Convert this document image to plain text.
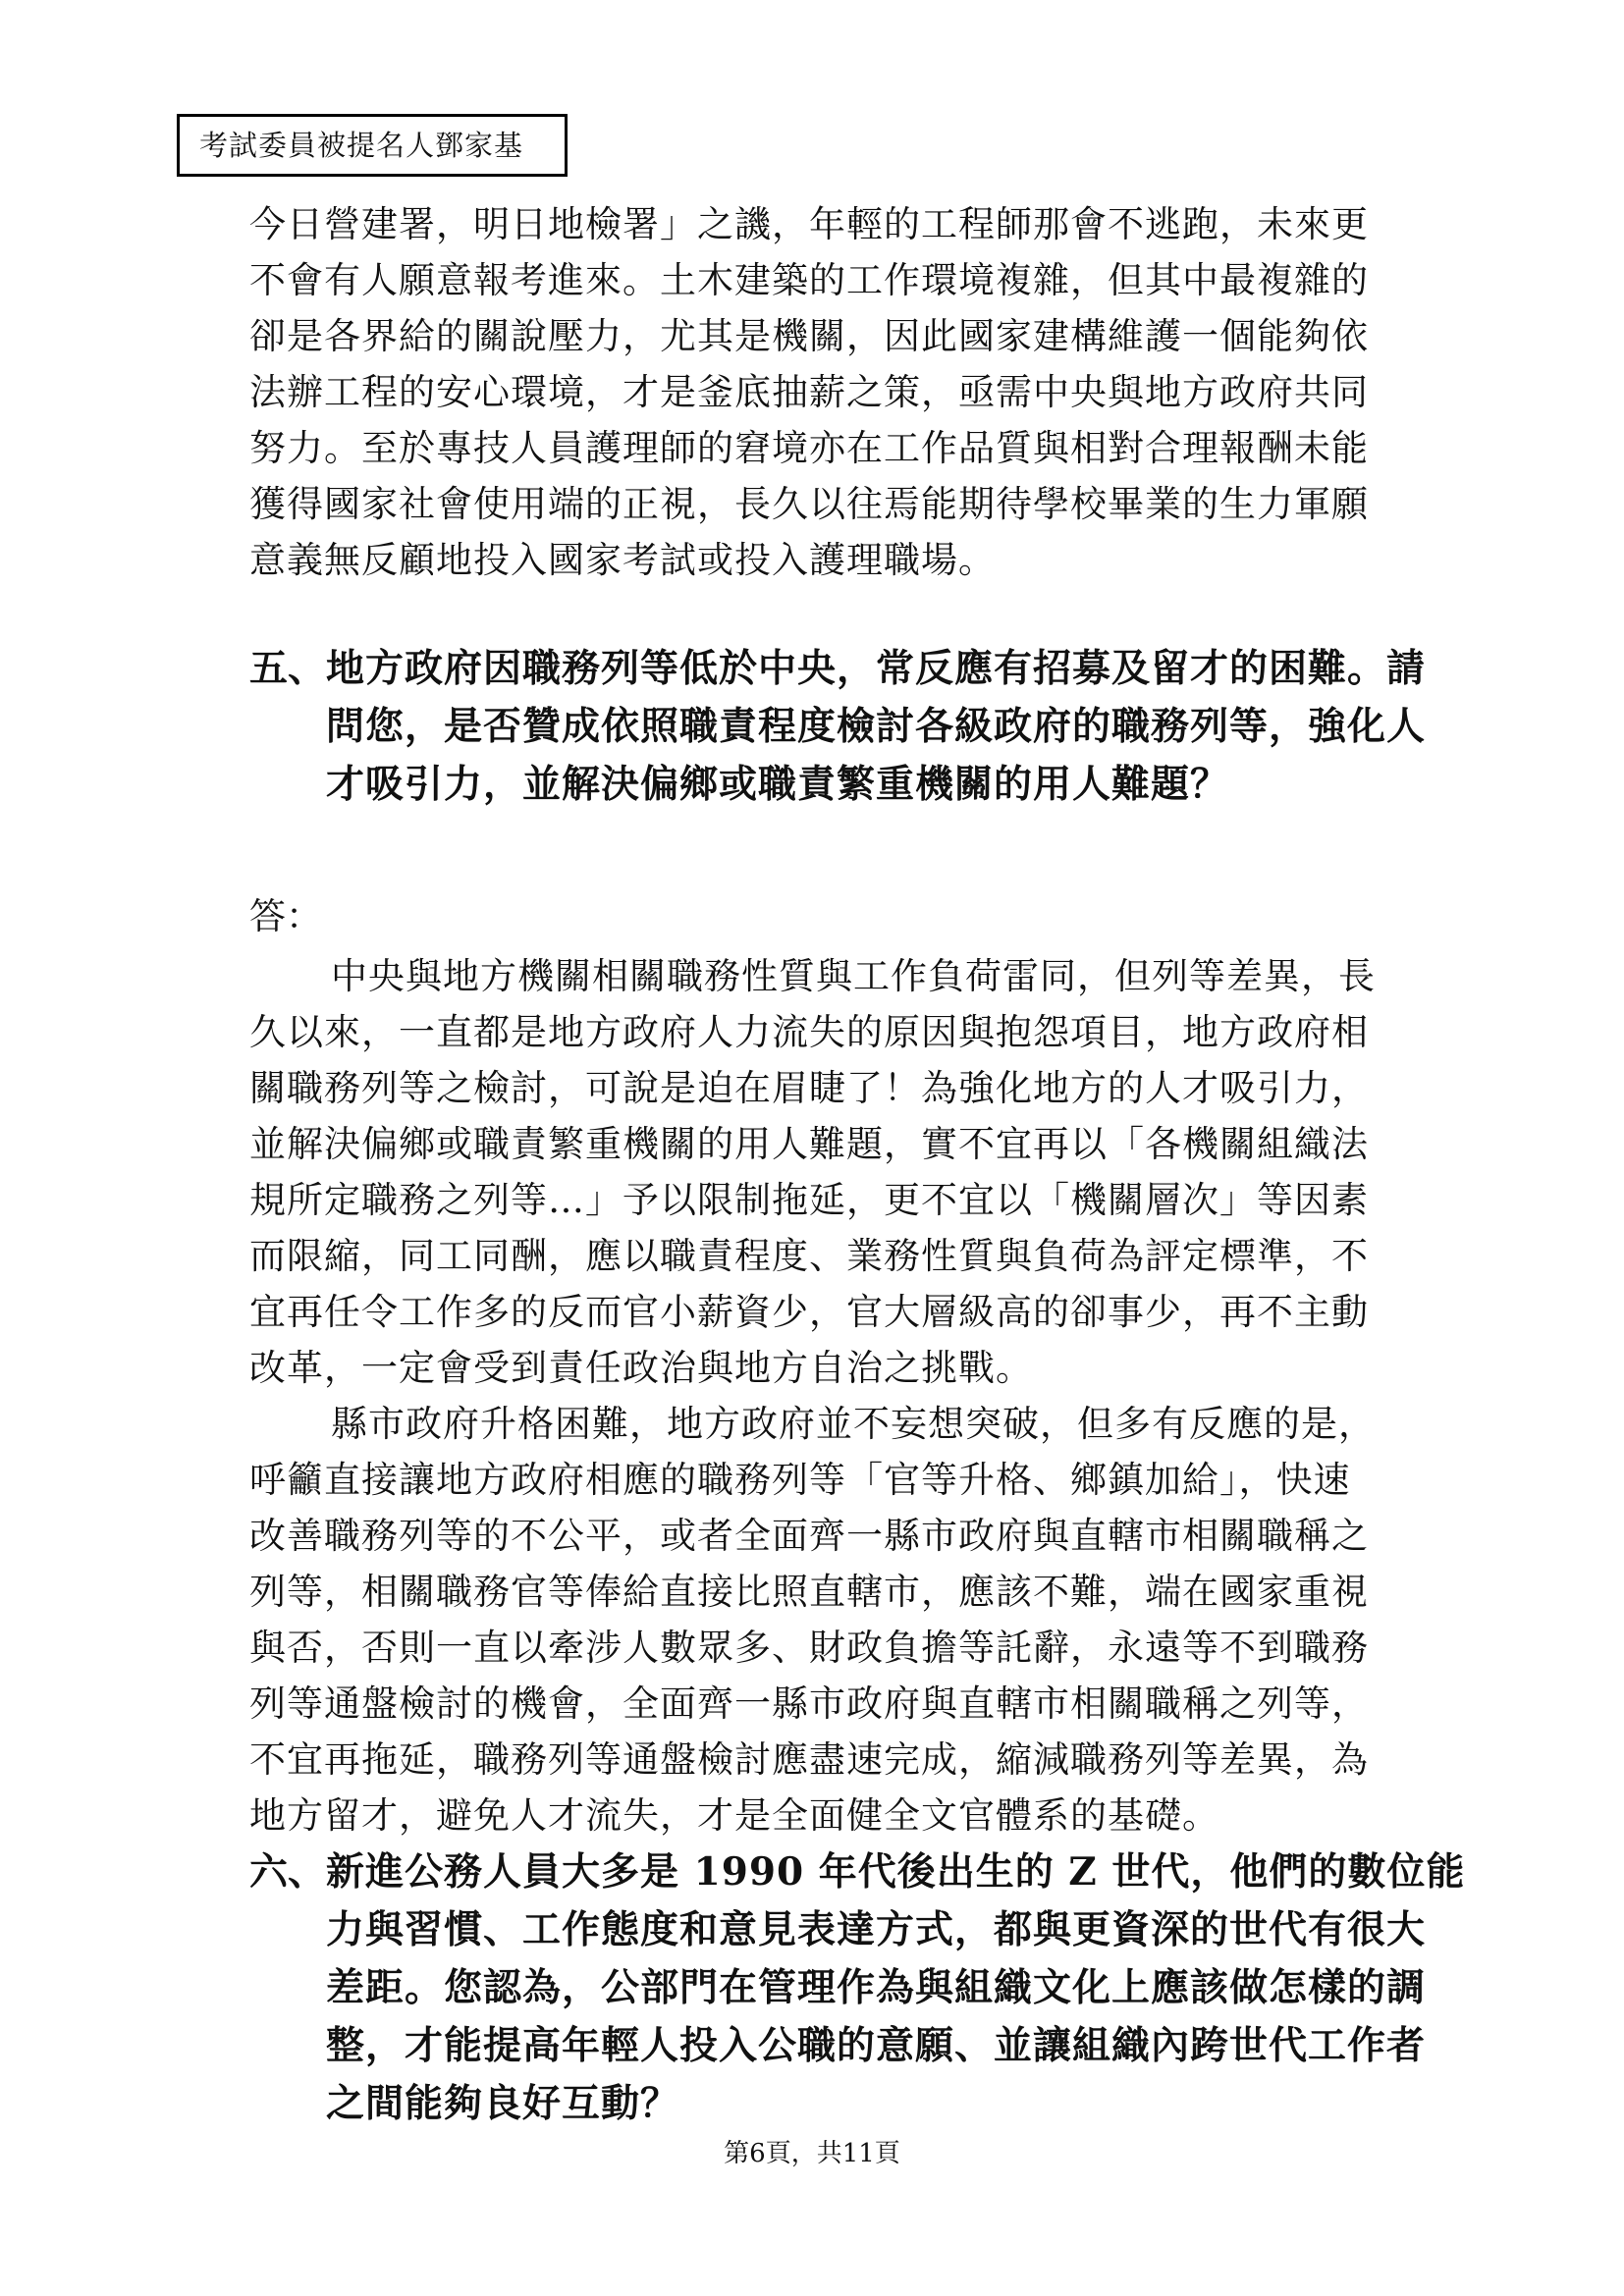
考試委員被提名人鄧家基
今日營建署，明日地檢署」之譏，年輕的工程師那會不逃跑，未來更
不會有人願意報考進來。土木建築的工作環境複雜，但其中最複雜的
卻是各界給的關說壓力，尤其是機關，因此國家建構維護一個能夠依
法辦工程的安心環境，才是釜底抽薪之策，亟需中央與地方政府共同
努力。至於專技人員護理師的窘境亦在工作品質與相對合理報酬未能
獲得國家社會使用端的正視，長久以往焉能期待學校畢業的生力軍願
意義無反顧地投入國家考試或投入護理職場。
五、 地方政府因職務列等低於中央，常反應有招募及留才的困難。請
問您，是否贊成依照職責程度檢討各級政府的職務列等，強化人
才吸引力，並解決偏鄉或職責繁重機關的用人難題？
答：
中央與地方機關相關職務性質與工作負荷雷同，但列等差異，長
久以來，一直都是地方政府人力流失的原因與抱怨項目，地方政府相
關職務列等之檢討，可說是迫在眉睫了！為強化地方的人才吸引力，
並解決偏鄉或職責繁重機關的用人難題，實不宜再以「各機關組織法
規所定職務之列等…」予以限制拖延，更不宜以「機關層次」等因素
而限縮，同工同酬，應以職責程度、業務性質與負荷為評定標準，不
宜再任令工作多的反而官小薪資少，官大層級高的卻事少，再不主動
改革，一定會受到責任政治與地方自治之挑戰。
縣市政府升格困難，地方政府並不妄想突破，但多有反應的是，
呼籲直接讓地方政府相應的職務列等「官等升格、鄉鎮加給」，快速
改善職務列等的不公平，或者全面齊一縣市政府與直轄市相關職稱之
列等，相關職務官等俸給直接比照直轄市，應該不難，端在國家重視
與否，否則一直以牽涉人數眾多、財政負擔等託辭，永遠等不到職務
列等通盤檢討的機會，全面齊一縣市政府與直轄市相關職稱之列等，
不宜再拖延，職務列等通盤檢討應盡速完成，縮減職務列等差異，為
地方留才，避免人才流失，才是全面健全文官體系的基礎。
六、 新進公務人員大多是 1990 年代後出生的 Z 世代，他們的數位能
力與習慣、工作態度和意見表達方式，都與更資深的世代有很大
差距。您認為，公部門在管理作為與組織文化上應該做怎樣的調
整，才能提高年輕人投入公職的意願、並讓組織內跨世代工作者
之間能夠良好互動？
第6頁，共11頁
